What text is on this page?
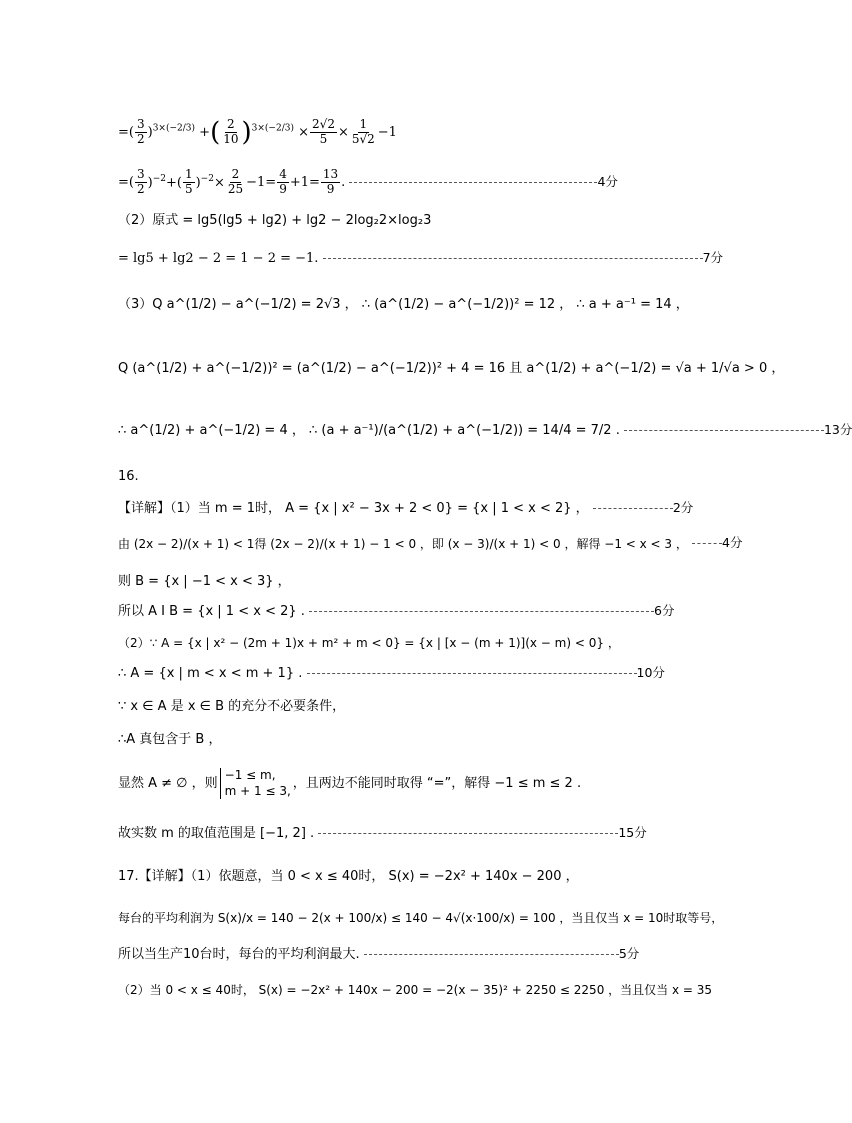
=( $\frac{3}{2} )^{3\times(-2/3)}$ +( $\frac{2}{10} )^{3\times(-2/3)} \times \frac{2√2}{5} \times \frac{1}{5√2} -1$
=( $\frac{3}{2} )^{-2}+( \frac{1}{5} )^{-2}\times \frac{2}{25} -1= \frac{4}{9} +1= \frac{13}{9}$ .	4分
（2）原式 = lg5(lg5 + lg2) + lg2 − 2log₂2×log₂3
= lg5 + lg2 − 2 = 1 − 2 = −1.	7分
（3）Q a^(1/2) − a^(−1/2) = 2√3 ， ∴ (a^(1/2) − a^(−1/2))² = 12 ， ∴ a + a⁻¹ = 14 ，
Q (a^(1/2) + a^(−1/2))² = (a^(1/2) − a^(−1/2))² + 4 = 16 且 a^(1/2) + a^(−1/2) = √a + 1/√a > 0 ，
∴ a^(1/2) + a^(−1/2) = 4 ， ∴ (a + a⁻¹)/(a^(1/2) + a^(−1/2)) = 14/4 = 7/2 .	13分
16.
【详解】（1）当 m = 1时， A = {x | x² − 3x + 2 < 0} = {x | 1 < x < 2} ，	2分
由 (2x − 2)/(x + 1) < 1得 (2x − 2)/(x + 1) − 1 < 0 ，即 (x − 3)/(x + 1) < 0 ，解得 −1 < x < 3 ，	4分
则 B = {x | −1 < x < 3} ，
所以 A I B = {x | 1 < x < 2} .	6分
（2）∵ A = {x | x² − (2m + 1)x + m² + m < 0} = {x | [x − (m + 1)](x − m) < 0} ，
∴ A = {x | m < x < m + 1} .	10分
∵ x ∈ A 是 x ∈ B 的充分不必要条件，
∴A 真包含于 B ，
显然 A ≠ ∅ ，则
−1 ≤ m,
m + 1 ≤ 3, ，且两边不能同时取得 “=”，解得 −1 ≤ m ≤ 2 .
故实数 m 的取值范围是 [−1, 2] .	15分
17.【详解】（1）依题意，当 0 < x ≤ 40时， S(x) = −2x² + 140x − 200 ，
每台的平均利润为 S(x)/x = 140 − 2(x + 100/x) ≤ 140 − 4√(x·100/x) = 100 ，当且仅当 x = 10时取等号，
所以当生产10台时，每台的平均利润最大.	5分
（2）当 0 < x ≤ 40时， S(x) = −2x² + 140x − 200 = −2(x − 35)² + 2250 ≤ 2250 ，当且仅当 x = 35
